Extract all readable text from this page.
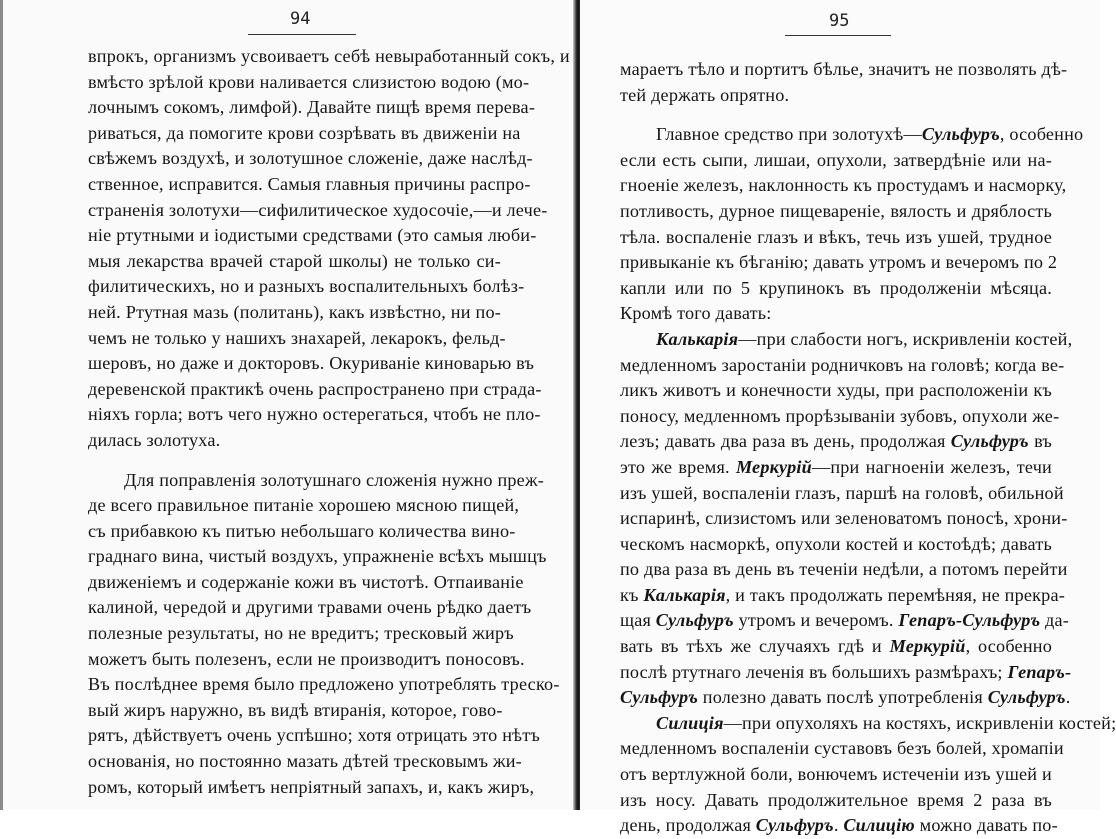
94
впрокъ, организмъ усвоиваетъ себѣ невыработанный сокъ, и
вмѣсто зрѣлой крови наливается слизистою водою (мо-
лочнымъ сокомъ, лимфой). Давайте пищѣ время перева-
риваться, да помогите крови созрѣвать въ движеніи на
свѣжемъ воздухѣ, и золотушное сложеніе, даже наслѣд-
ственное, исправится. Самыя главныя причины распро-
страненія золотухи—сифилитическое худосочіе,—и лече-
ніе ртутными и іодистыми средствами (это самыя люби-
мыя лекарства врачей старой школы) не только си-
филитическихъ, но и разныхъ воспалительныхъ болѣз-
ней. Ртутная мазь (политань), какъ извѣстно, ни по-
чемъ не только у нашихъ знахарей, лекарокъ, фельд-
шеровъ, но даже и докторовъ. Окуриваніе киноварью въ
деревенской практикѣ очень распространено при страда-
ніяхъ горла; вотъ чего нужно остерегаться, чтобъ не пло-
дилась золотуха.
Для поправленія золотушнаго сложенія нужно преж-
де всего правильное питаніе хорошею мясною пищей,
съ прибавкою къ питью небольшаго количества вино-
граднаго вина, чистый воздухъ, упражненіе всѣхъ мышцъ
движеніемъ и содержаніе кожи въ чистотѣ. Отпаиваніе
калиной, чередой и другими травами очень рѣдко даетъ
полезные результаты, но не вредитъ; тресковый жиръ
можетъ быть полезенъ, если не производитъ поносовъ.
Въ послѣднее время было предложено употреблять треско-
вый жиръ наружно, въ видѣ втиранія, которое, гово-
рятъ, дѣйствуетъ очень успѣшно; хотя отрицать это нѣтъ
основанія, но постоянно мазать дѣтей тресковымъ жи-
ромъ, который имѣетъ непріятный запахъ, и, какъ жиръ,
95
мараетъ тѣло и портитъ бѣлье, значитъ не позволять дѣ-
тей держать опрятно.
Главное средство при золотухѣ—Сульфуръ, особенно
если есть сыпи, лишаи, опухоли, затвердѣніе или на-
гноеніе железъ, наклонность къ простудамъ и насморку,
потливость, дурное пищевареніе, вялость и дряблость
тѣла. воспаленіе глазъ и вѣкъ, течь изъ ушей, трудное
привыканіе къ бѣганію; давать утромъ и вечеромъ по 2
капли или по 5 крупинокъ въ продолженіи мѣсяца.
Кромѣ того давать:
Калькарія—при слабости ногъ, искривленіи костей,
медленномъ заростаніи родничковъ на головѣ; когда ве-
ликъ животъ и конечности худы, при расположеніи къ
поносу, медленномъ прорѣзываніи зубовъ, опухоли же-
лезъ; давать два раза въ день, продолжая Сульфуръ въ
это же время. Меркурій—при нагноеніи железъ, течи
изъ ушей, воспаленіи глазъ, паршѣ на головѣ, обильной
испаринѣ, слизистомъ или зеленоватомъ поносѣ, хрони-
ческомъ насморкѣ, опухоли костей и костоѣдѣ; давать
по два раза въ день въ теченіи недѣли, а потомъ перейти
къ Калькарія, и такъ продолжать перемѣняя, не прекра-
щая Сульфуръ утромъ и вечеромъ. Гепаръ-Сульфуръ да-
вать въ тѣхъ же случаяхъ гдѣ и Меркурій, особенно
послѣ ртутнаго леченія въ большихъ размѣрахъ; Гепаръ-
Сульфуръ полезно давать послѣ употребленія Сульфуръ.
Силиція—при опухоляхъ на костяхъ, искривленіи костей;
медленномъ воспаленіи суставовъ безъ болей, хромапіи
отъ вертлужной боли, вонючемъ истеченіи изъ ушей и
изъ носу. Давать продолжительное время 2 раза въ
день, продолжая Сульфуръ. Силицію можно давать по-
